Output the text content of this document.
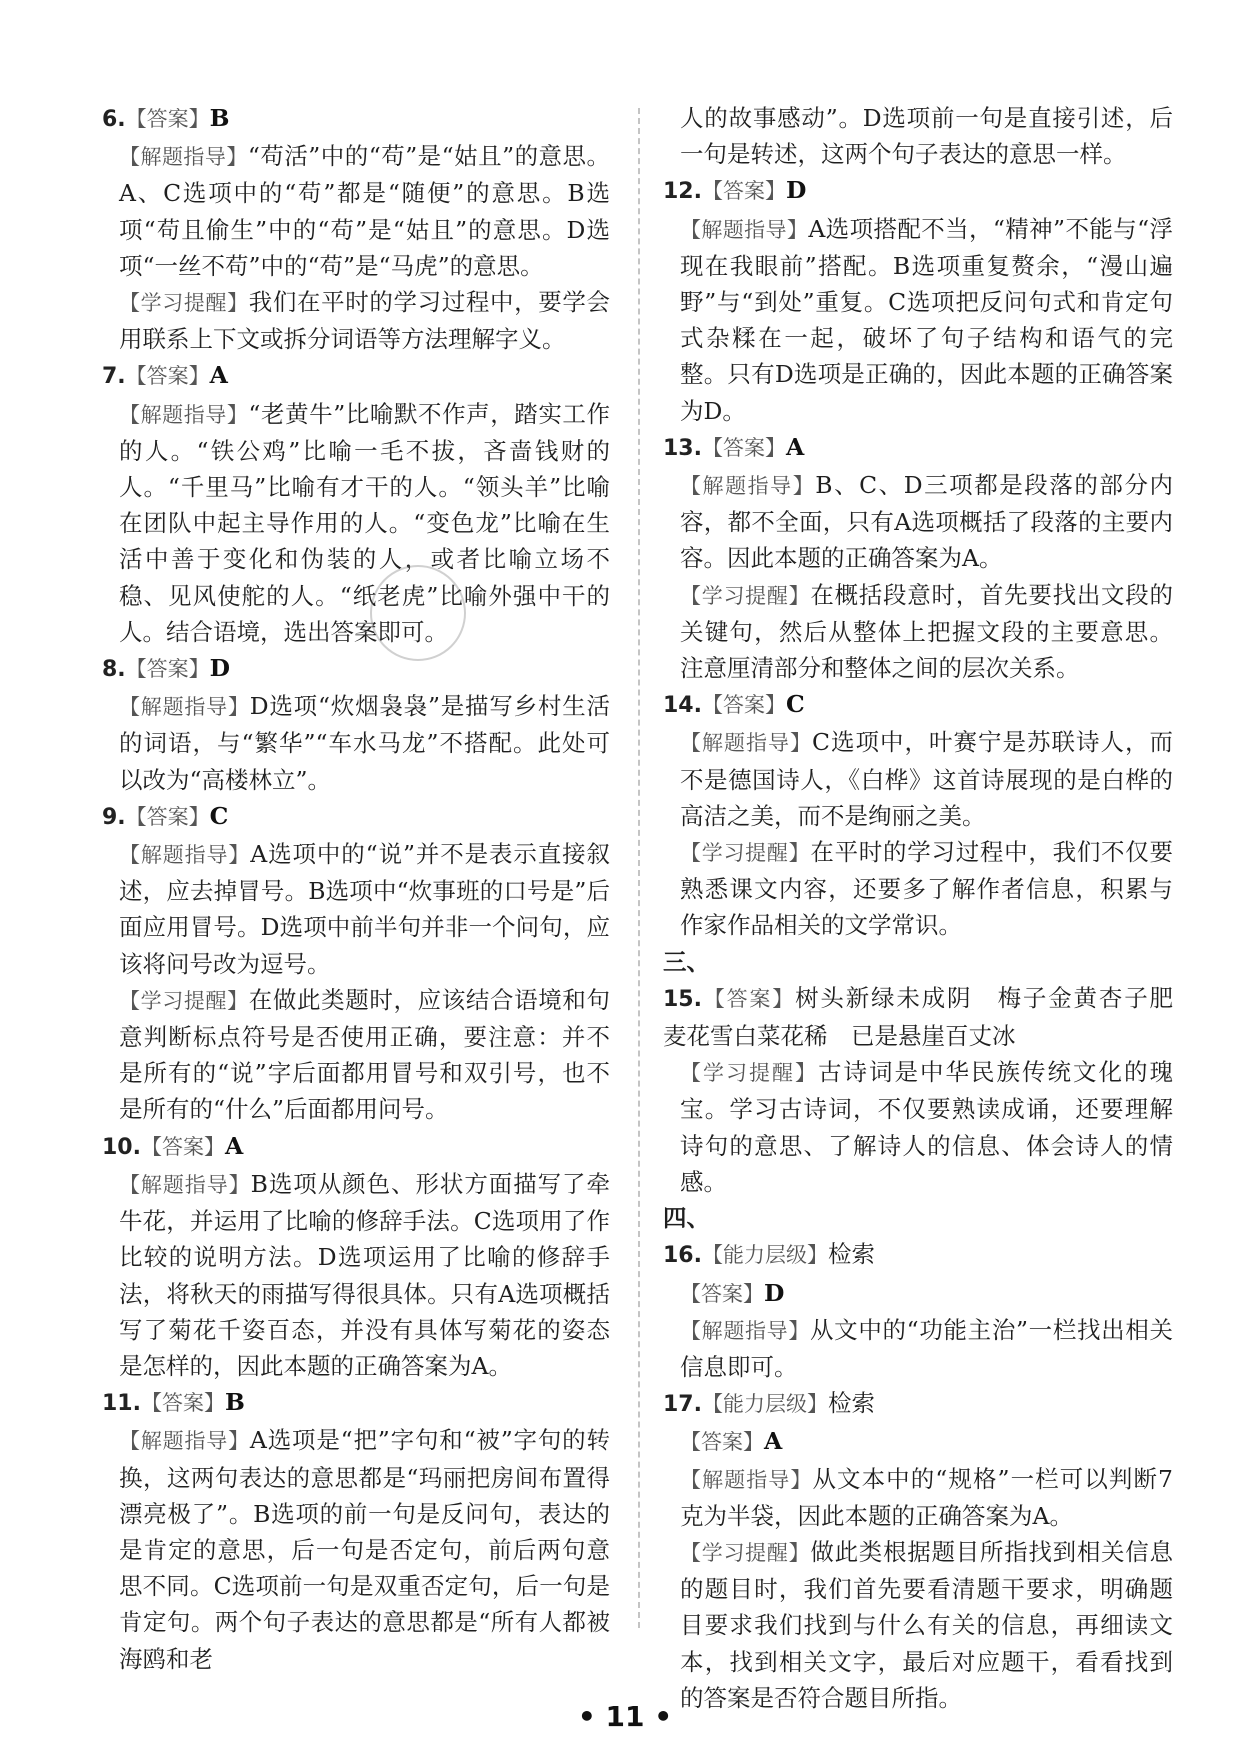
6.【答案】B
【解题指导】“苟活”中的“苟”是“姑且”的意思。A、C选项中的“苟”都是“随便”的意思。B选项“苟且偷生”中的“苟”是“姑且”的意思。D选项“一丝不苟”中的“苟”是“马虎”的意思。
【学习提醒】我们在平时的学习过程中，要学会用联系上下文或拆分词语等方法理解字义。
7.【答案】A
【解题指导】“老黄牛”比喻默不作声，踏实工作的人。“铁公鸡”比喻一毛不拔，吝啬钱财的人。“千里马”比喻有才干的人。“领头羊”比喻在团队中起主导作用的人。“变色龙”比喻在生活中善于变化和伪装的人，或者比喻立场不稳、见风使舵的人。“纸老虎”比喻外强中干的人。结合语境，选出答案即可。
8.【答案】D
【解题指导】D选项“炊烟袅袅”是描写乡村生活的词语，与“繁华”“车水马龙”不搭配。此处可以改为“高楼林立”。
9.【答案】C
【解题指导】A选项中的“说”并不是表示直接叙述，应去掉冒号。B选项中“炊事班的口号是”后面应用冒号。D选项中前半句并非一个问句，应该将问号改为逗号。
【学习提醒】在做此类题时，应该结合语境和句意判断标点符号是否使用正确，要注意：并不是所有的“说”字后面都用冒号和双引号，也不是所有的“什么”后面都用问号。
10.【答案】A
【解题指导】B选项从颜色、形状方面描写了牵牛花，并运用了比喻的修辞手法。C选项用了作比较的说明方法。D选项运用了比喻的修辞手法，将秋天的雨描写得很具体。只有A选项概括写了菊花千姿百态，并没有具体写菊花的姿态是怎样的，因此本题的正确答案为A。
11.【答案】B
【解题指导】A选项是“把”字句和“被”字句的转换，这两句表达的意思都是“玛丽把房间布置得漂亮极了”。B选项的前一句是反问句，表达的是肯定的意思，后一句是否定句，前后两句意思不同。C选项前一句是双重否定句，后一句是肯定句。两个句子表达的意思都是“所有人都被海鸥和老
人的故事感动”。D选项前一句是直接引述，后一句是转述，这两个句子表达的意思一样。
12.【答案】D
【解题指导】A选项搭配不当，“精神”不能与“浮现在我眼前”搭配。B选项重复赘余，“漫山遍野”与“到处”重复。C选项把反问句式和肯定句式杂糅在一起，破坏了句子结构和语气的完整。只有D选项是正确的，因此本题的正确答案为D。
13.【答案】A
【解题指导】B、C、D三项都是段落的部分内容，都不全面，只有A选项概括了段落的主要内容。因此本题的正确答案为A。
【学习提醒】在概括段意时，首先要找出文段的关键句，然后从整体上把握文段的主要意思。注意厘清部分和整体之间的层次关系。
14.【答案】C
【解题指导】C选项中，叶赛宁是苏联诗人，而不是德国诗人，《白桦》这首诗展现的是白桦的高洁之美，而不是绚丽之美。
【学习提醒】在平时的学习过程中，我们不仅要熟悉课文内容，还要多了解作者信息，积累与作家作品相关的文学常识。
三、
15.【答案】树头新绿未成阴　梅子金黄杏子肥　麦花雪白菜花稀　已是悬崖百丈冰
【学习提醒】古诗词是中华民族传统文化的瑰宝。学习古诗词，不仅要熟读成诵，还要理解诗句的意思、了解诗人的信息、体会诗人的情感。
四、
16.【能力层级】检索
【答案】D
【解题指导】从文中的“功能主治”一栏找出相关信息即可。
17.【能力层级】检索
【答案】A
【解题指导】从文本中的“规格”一栏可以判断7克为半袋，因此本题的正确答案为A。
【学习提醒】做此类根据题目所指找到相关信息的题目时，我们首先要看清题干要求，明确题目要求我们找到与什么有关的信息，再细读文本，找到相关文字，最后对应题干，看看找到的答案是否符合题目所指。
• 11 •
